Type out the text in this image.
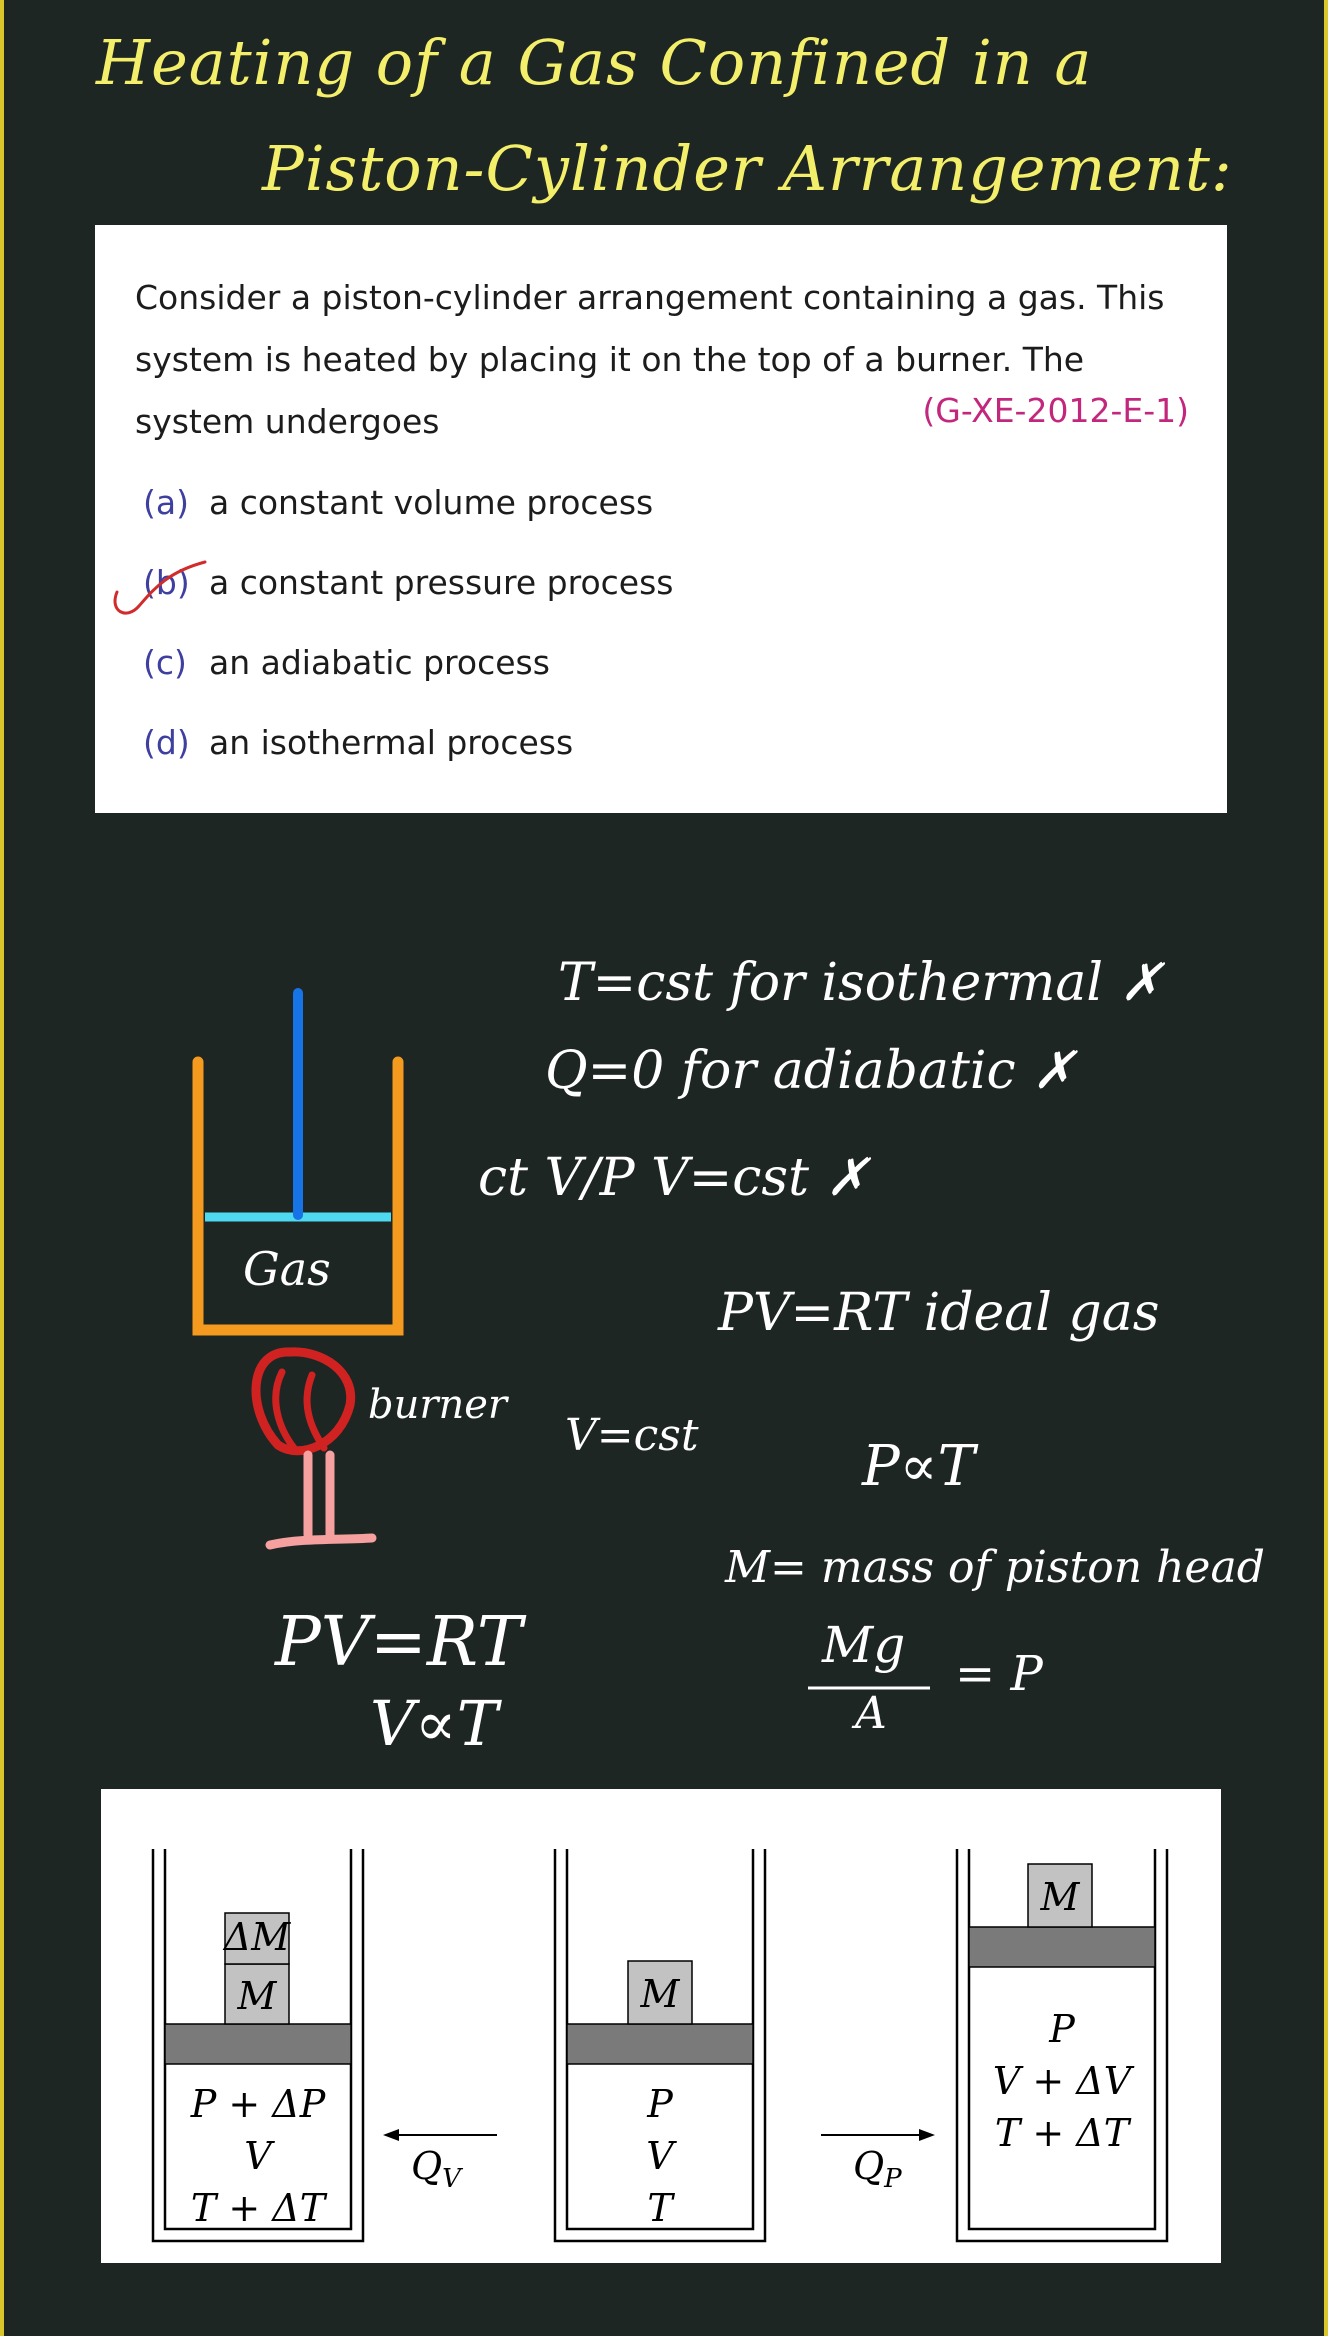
Heating of a Gas Confined in a
Piston-Cylinder Arrangement:
Consider a piston-cylinder arrangement containing a gas. This system is heated by placing it on the top of a burner. The system undergoes	(G-XE-2012-E-1)
(a) a constant volume process
(b) a constant pressure process
(c) an adiabatic process
(d) an isothermal process
Gas
burner
T=cst for isothermal ✗
Q=0 for adiabatic ✗
ct V/P V=cst ✗
PV=RT ideal gas
V=cst	P∝T
M= mass of piston head
Mg
A
= P
PV=RT
V∝T
ΔM
M
P + ΔP
V
T + ΔT
$Q_V$
M
P
V
T
$Q_P$
M
P
V + ΔV
T + ΔT
